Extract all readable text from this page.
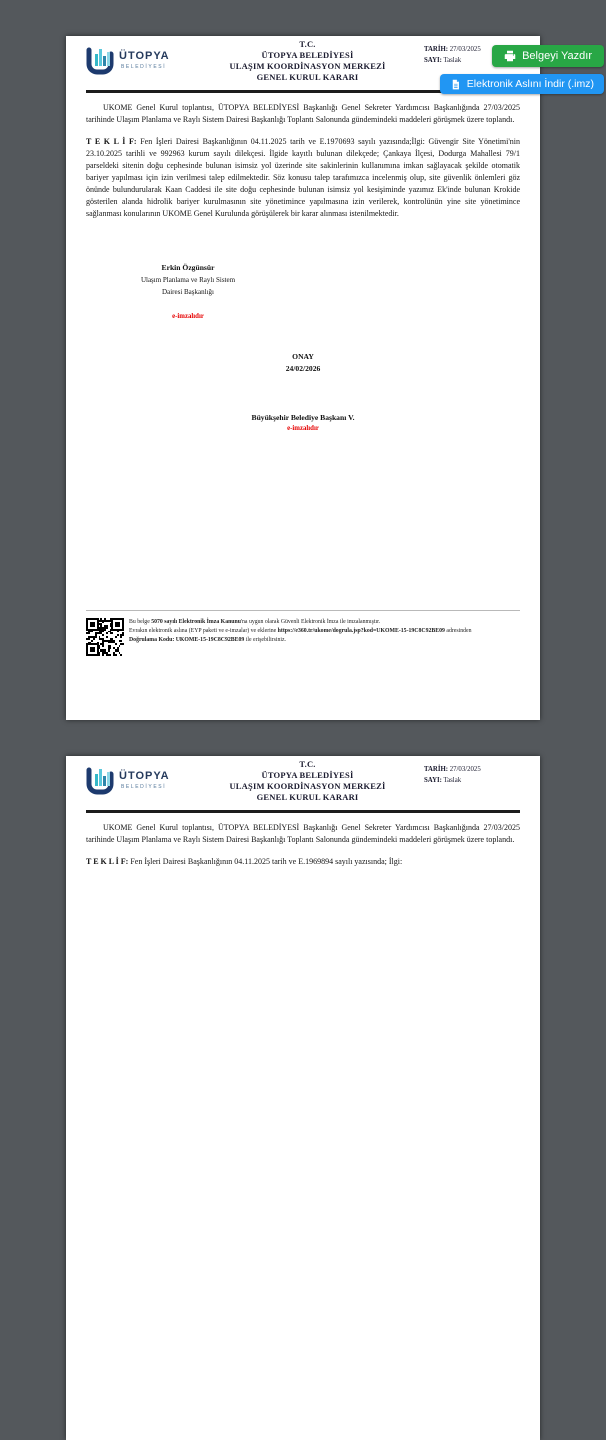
Belgeyi Yazdır
Elektronik Aslını İndir (.imz)
ÜTOPYA
BELEDİYESİ
T.C.
ÜTOPYA BELEDİYESİ
ULAŞIM KOORDİNASYON MERKEZİ
GENEL KURUL KARARI
TARİH: 27/03/2025
SAYI: Taslak

UKOME Genel Kurul toplantısı, ÜTOPYA BELEDİYESİ Başkanlığı Genel Sekreter Yardımcısı Başkanlığında 27/03/2025 tarihinde Ulaşım Planlama ve Raylı Sistem Dairesi Başkanlığı Toplantı Salonunda gündemindeki maddeleri görüşmek üzere toplandı.

T E K L İ F: Fen İşleri Dairesi Başkanlığının 04.11.2025 tarih ve E.1970693 sayılı yazısında;İlgi: Güvengir Site Yönetimi'nin 23.10.2025 tarihli ve 992963 kurum sayılı dilekçesi. İlgide kayıtlı bulunan dilekçede; Çankaya İlçesi, Dodurga Mahallesi 79/1 parseldeki sitenin doğu cephesinde bulunan isimsiz yol üzerinde site sakinlerinin kullanımına imkan sağlayacak şekilde otomatik bariyer yapılması için izin verilmesi talep edilmektedir. Söz konusu talep tarafımızca incelenmiş olup, site güvenlik önlemleri göz önünde bulundurularak Kaan Caddesi ile site doğu cephesinde bulunan isimsiz yol kesişiminde yazımız Ek'inde bulunan Krokide gösterilen alanda hidrolik bariyer kurulmasının site yönetimince yapılmasına izin verilerek, kontrolünün yine site yönetimince sağlanması konularının UKOME Genel Kurulunda görüşülerek bir karar alınması istenilmektedir.

Erkin Özgünsür
Ulaşım Planlama ve Raylı Sistem
Dairesi Başkanlığı
e-imzalıdır
ONAY
24/02/2026
Büyükşehir Belediye Başkanı V.
e-imzalıdır
Bu belge 5070 sayılı Elektronik İmza Kanunu'na uygun olarak Güvenli Elektronik İmza ile imzalanmıştır.
Evrakın elektronik aslına (EYP paketi ve e-imzalar) ve eklerine https://e360.tr/ukome/dogrula.jsp?kod=UKOME-15-19C8C92BE09 adresinden
Doğrulama Kodu: UKOME-15-19C8C92BE09 ile erişebilirsiniz.
ÜTOPYA
BELEDİYESİ
T.C.
ÜTOPYA BELEDİYESİ
ULAŞIM KOORDİNASYON MERKEZİ
GENEL KURUL KARARI
TARİH: 27/03/2025
SAYI: Taslak

UKOME Genel Kurul toplantısı, ÜTOPYA BELEDİYESİ Başkanlığı Genel Sekreter Yardımcısı Başkanlığında 27/03/2025 tarihinde Ulaşım Planlama ve Raylı Sistem Dairesi Başkanlığı Toplantı Salonunda gündemindeki maddeleri görüşmek üzere toplandı.

T E K L İ F: Fen İşleri Dairesi Başkanlığının 04.11.2025 tarih ve E.1969894 sayılı yazısında; İlgi:
